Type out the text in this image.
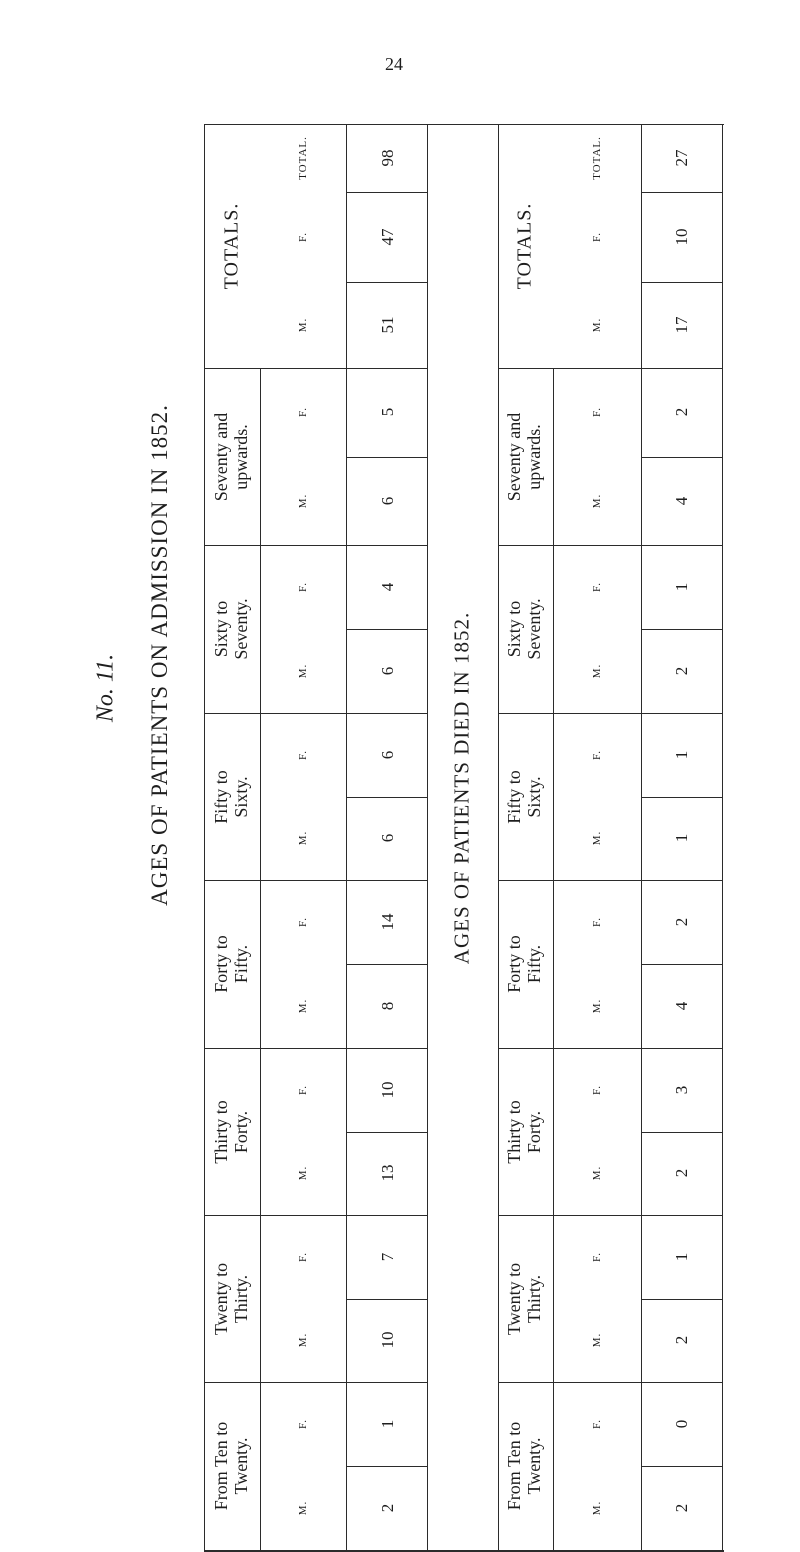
24
No. 11. AGES OF PATIENTS ON ADMISSION IN 1852.	AGES OF PATIENTS DIED IN 1852.
TOTALS.
M.	51
F.	47
TOTAL.	98
Seventy and upwards.
F.	5
M.	6
Sixty to Seventy.
F.	4
M.	6
Fifty to Sixty.
F.	6
M.	6
Forty to Fifty.
F.	14
M.	8
Thirty to Forty.
F.	10
M.	13
Twenty to Thirty.
F.	7
M.	10
From Ten to Twenty.
F.	1
M.	2
TOTALS.
M.	17
F.	10
TOTAL.	27
Seventy and upwards.
F.	2
M.	4
Sixty to Seventy.
F.	1
M.	2
Fifty to Sixty.
F.	1
M.	1
Forty to Fifty.
F.	2
M.	4
Thirty to Forty.
F.	3
M.	2
Twenty to Thirty.
F.	1
M.	2
From Ten to Twenty.
F.	0
M.	2
